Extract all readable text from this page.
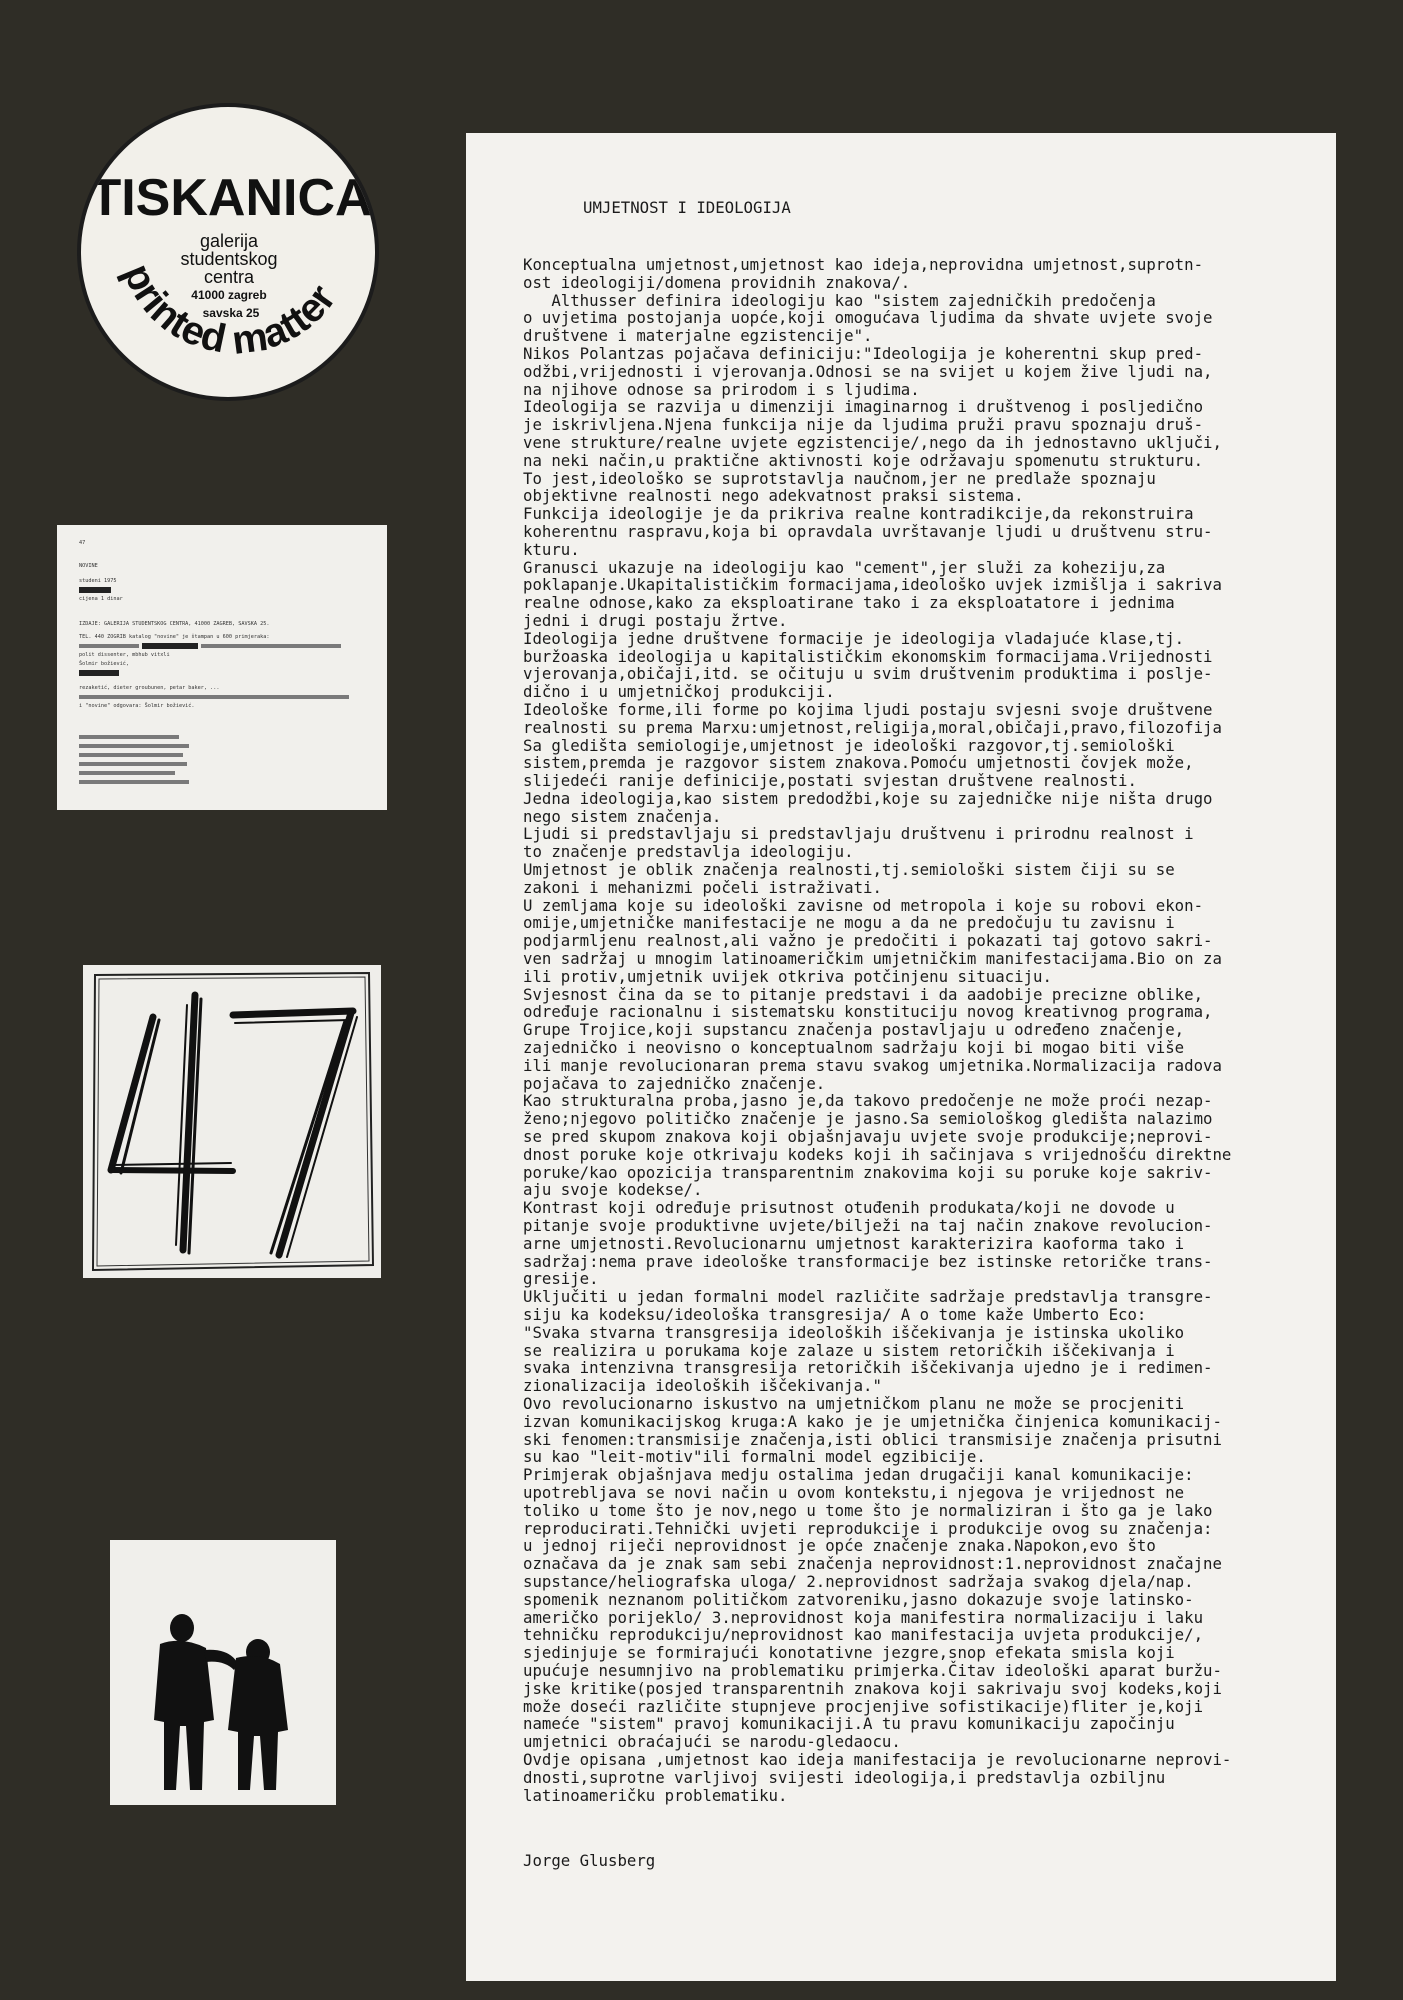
TISKANICA
galerija
studentskog
centra
41000 zagreb
savska 25
printed matter
47
NOVINE
studeni 1975
cijena 1 dinar
IZDAJE: GALERIJA STUDENTSKOG CENTRA, 41000 ZAGREB, SAVSKA 25.
TEL. 440 ZOGRIB katalog "novine" je štampan u 600 primjeraka:

polit dissenter, mbhub vitxli
Šolmir božiević,
rezaketić, dieter groubunen, petar baker, ...
i "novine" odgovara: Šolmir božiević.

UMJETNOST I IDEOLOGIJA

Konceptualna umjetnost,umjetnost kao ideja,neprovidna umjetnost,suprotn-
ost ideologiji/domena providnih znakova/.
Althusser definira ideologiju kao "sistem zajedničkih predočenja
o uvjetima postojanja uopće,koji omogućava ljudima da shvate uvjete svoje
društvene i materjalne egzistencije".
Nikos Polantzas pojačava definiciju:"Ideologija je koherentni skup pred-
odžbi,vrijednosti i vjerovanja.Odnosi se na svijet u kojem žive ljudi na,
na njihove odnose sa prirodom i s ljudima.
Ideologija se razvija u dimenziji imaginarnog i društvenog i posljedično
je iskrivljena.Njena funkcija nije da ljudima pruži pravu spoznaju druš-
vene strukture/realne uvjete egzistencije/,nego da ih jednostavno uključi,
na neki način,u praktične aktivnosti koje održavaju spomenutu strukturu.
To jest,ideološko se suprotstavlja naučnom,jer ne predlaže spoznaju
objektivne realnosti nego adekvatnost praksi sistema.
Funkcija ideologije je da prikriva realne kontradikcije,da rekonstruira
koherentnu raspravu,koja bi opravdala uvrštavanje ljudi u društvenu stru-
kturu.
Granusci ukazuje na ideologiju kao "cement",jer služi za koheziju,za
poklapanje.Ukapitalističkim formacijama,ideološko uvjek izmišlja i sakriva
realne odnose,kako za eksploatirane tako i za eksploatatore i jednima
jedni i drugi postaju žrtve.
Ideologija jedne društvene formacije je ideologija vladajuće klase,tj.
buržoaska ideologija u kapitalističkim ekonomskim formacijama.Vrijednosti
vjerovanja,običaji,itd. se očituju u svim društvenim produktima i poslje-
dično i u umjetničkoj produkciji.
Ideološke forme,ili forme po kojima ljudi postaju svjesni svoje društvene
realnosti su prema Marxu:umjetnost,religija,moral,običaji,pravo,filozofija
Sa gledišta semiologije,umjetnost je ideološki razgovor,tj.semiološki
sistem,premda je razgovor sistem znakova.Pomoću umjetnosti čovjek može,
slijedeći ranije definicije,postati svjestan društvene realnosti.
Jedna ideologija,kao sistem predodžbi,koje su zajedničke nije ništa drugo
nego sistem značenja.
Ljudi si predstavljaju si predstavljaju društvenu i prirodnu realnost i
to značenje predstavlja ideologiju.
Umjetnost je oblik značenja realnosti,tj.semiološki sistem čiji su se
zakoni i mehanizmi počeli istraživati.
U zemljama koje su ideološki zavisne od metropola i koje su robovi ekon-
omije,umjetničke manifestacije ne mogu a da ne predočuju tu zavisnu i
podjarmljenu realnost,ali važno je predočiti i pokazati taj gotovo sakri-
ven sadržaj u mnogim latinoameričkim umjetničkim manifestacijama.Bio on za
ili protiv,umjetnik uvijek otkriva potčinjenu situaciju.
Svjesnost čina da se to pitanje predstavi i da aadobije precizne oblike,
određuje racionalnu i sistematsku konstituciju novog kreativnog programa,
Grupe Trojice,koji supstancu značenja postavljaju u određeno značenje,
zajedničko i neovisno o konceptualnom sadržaju koji bi mogao biti više
ili manje revolucionaran prema stavu svakog umjetnika.Normalizacija radova
pojačava to zajedničko značenje.
Kao strukturalna proba,jasno je,da takovo predočenje ne može proći nezap-
ženo;njegovo političko značenje je jasno.Sa semiološkog gledišta nalazimo
se pred skupom znakova koji objašnjavaju uvjete svoje produkcije;neprovi-
dnost poruke koje otkrivaju kodeks koji ih sačinjava s vrijednošću direktne
poruke/kao opozicija transparentnim znakovima koji su poruke koje sakriv-
aju svoje kodekse/.
Kontrast koji određuje prisutnost otuđenih produkata/koji ne dovode u
pitanje svoje produktivne uvjete/bilježi na taj način znakove revolucion-
arne umjetnosti.Revolucionarnu umjetnost karakterizira kaoforma tako i
sadržaj:nema prave ideološke transformacije bez istinske retoričke trans-
gresije.
Uključiti u jedan formalni model različite sadržaje predstavlja transgre-
siju ka kodeksu/ideološka transgresija/ A o tome kaže Umberto Eco:
"Svaka stvarna transgresija ideoloških iščekivanja je istinska ukoliko
se realizira u porukama koje zalaze u sistem retoričkih iščekivanja i
svaka intenzivna transgresija retoričkih iščekivanja ujedno je i redimen-
zionalizacija ideoloških iščekivanja."
Ovo revolucionarno iskustvo na umjetničkom planu ne može se procjeniti
izvan komunikacijskog kruga:A kako je je umjetnička činjenica komunikacij-
ski fenomen:transmisije značenja,isti oblici transmisije značenja prisutni
su kao "leit-motiv"ili formalni model egzibicije.
Primjerak objašnjava medju ostalima jedan drugačiji kanal komunikacije:
upotrebljava se novi način u ovom kontekstu,i njegova je vrijednost ne
toliko u tome što je nov,nego u tome što je normaliziran i što ga je lako
reproducirati.Tehnički uvjeti reprodukcije i produkcije ovog su značenja:
u jednoj riječi neprovidnost je opće značenje znaka.Napokon,evo što
označava da je znak sam sebi značenja neprovidnost:1.neprovidnost značajne
supstance/heliografska uloga/ 2.neprovidnost sadržaja svakog djela/nap.
spomenik neznanom političkom zatvoreniku,jasno dokazuje svoje latinsko-
američko porijeklo/ 3.neprovidnost koja manifestira normalizaciju i laku
tehničku reprodukciju/neprovidnost kao manifestacija uvjeta produkcije/,
sjedinjuje se formirajući konotativne jezgre,snop efekata smisla koji
upućuje nesumnjivo na problematiku primjerka.Čitav ideološki aparat buržu-
jske kritike(posjed transparentnih znakova koji sakrivaju svoj kodeks,koji
može doseći različite stupnjeve procjenjive sofistikacije)fliter je,koji
nameće "sistem" pravoj komunikaciji.A tu pravu komunikaciju započinju
umjetnici obraćajući se narodu-gledaocu.
Ovdje opisana ,umjetnost kao ideja manifestacija je revolucionarne neprovi-
dnosti,suprotne varljivoj svijesti ideologija,i predstavlja ozbiljnu
latinoameričku problematiku.

Jorge Glusberg
